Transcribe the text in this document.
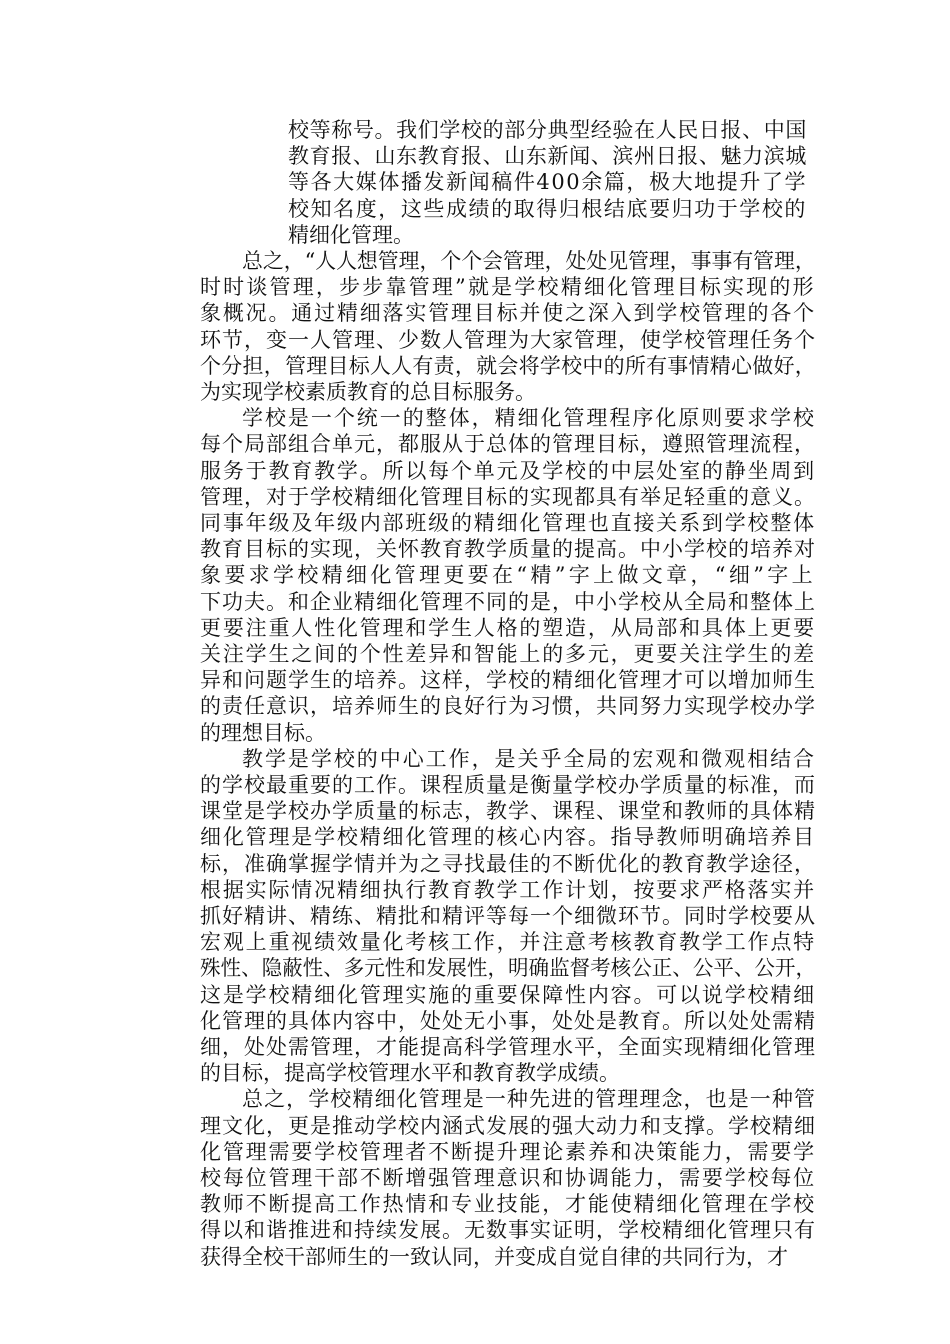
校等称号。我们学校的部分典型经验在人民日报、中国
教育报、山东教育报、山东新闻、滨州日报、魅力滨城
等各大媒体播发新闻稿件400余篇，极大地提升了学
校知名度，这些成绩的取得归根结底要归功于学校的
精细化管理。
总之，“人人想管理，个个会管理，处处见管理，事事有管理，
时时谈管理，步步靠管理”就是学校精细化管理目标实现的形
象概况。通过精细落实管理目标并使之深入到学校管理的各个
环节，变一人管理、少数人管理为大家管理，使学校管理任务个
个分担，管理目标人人有责，就会将学校中的所有事情精心做好，
为实现学校素质教育的总目标服务。
学校是一个统一的整体，精细化管理程序化原则要求学校
每个局部组合单元，都服从于总体的管理目标，遵照管理流程，
服务于教育教学。所以每个单元及学校的中层处室的静坐周到
管理，对于学校精细化管理目标的实现都具有举足轻重的意义。
同事年级及年级内部班级的精细化管理也直接关系到学校整体
教育目标的实现，关怀教育教学质量的提高。中小学校的培养对
象要求学校精细化管理更要在“精”字上做文章，“细”字上
下功夫。和企业精细化管理不同的是，中小学校从全局和整体上
更要注重人性化管理和学生人格的塑造，从局部和具体上更要
关注学生之间的个性差异和智能上的多元，更要关注学生的差
异和问题学生的培养。这样，学校的精细化管理才可以增加师生
的责任意识，培养师生的良好行为习惯，共同努力实现学校办学
的理想目标。
教学是学校的中心工作，是关乎全局的宏观和微观相结合
的学校最重要的工作。课程质量是衡量学校办学质量的标准，而
课堂是学校办学质量的标志，教学、课程、课堂和教师的具体精
细化管理是学校精细化管理的核心内容。指导教师明确培养目
标，准确掌握学情并为之寻找最佳的不断优化的教育教学途径，
根据实际情况精细执行教育教学工作计划，按要求严格落实并
抓好精讲、精练、精批和精评等每一个细微环节。同时学校要从
宏观上重视绩效量化考核工作，并注意考核教育教学工作点特
殊性、隐蔽性、多元性和发展性，明确监督考核公正、公平、公开，
这是学校精细化管理实施的重要保障性内容。可以说学校精细
化管理的具体内容中，处处无小事，处处是教育。所以处处需精
细，处处需管理，才能提高科学管理水平，全面实现精细化管理
的目标，提高学校管理水平和教育教学成绩。
总之，学校精细化管理是一种先进的管理理念，也是一种管
理文化，更是推动学校内涵式发展的强大动力和支撑。学校精细
化管理需要学校管理者不断提升理论素养和决策能力，需要学
校每位管理干部不断增强管理意识和协调能力，需要学校每位
教师不断提高工作热情和专业技能，才能使精细化管理在学校
得以和谐推进和持续发展。无数事实证明，学校精细化管理只有
获得全校干部师生的一致认同，并变成自觉自律的共同行为，才
